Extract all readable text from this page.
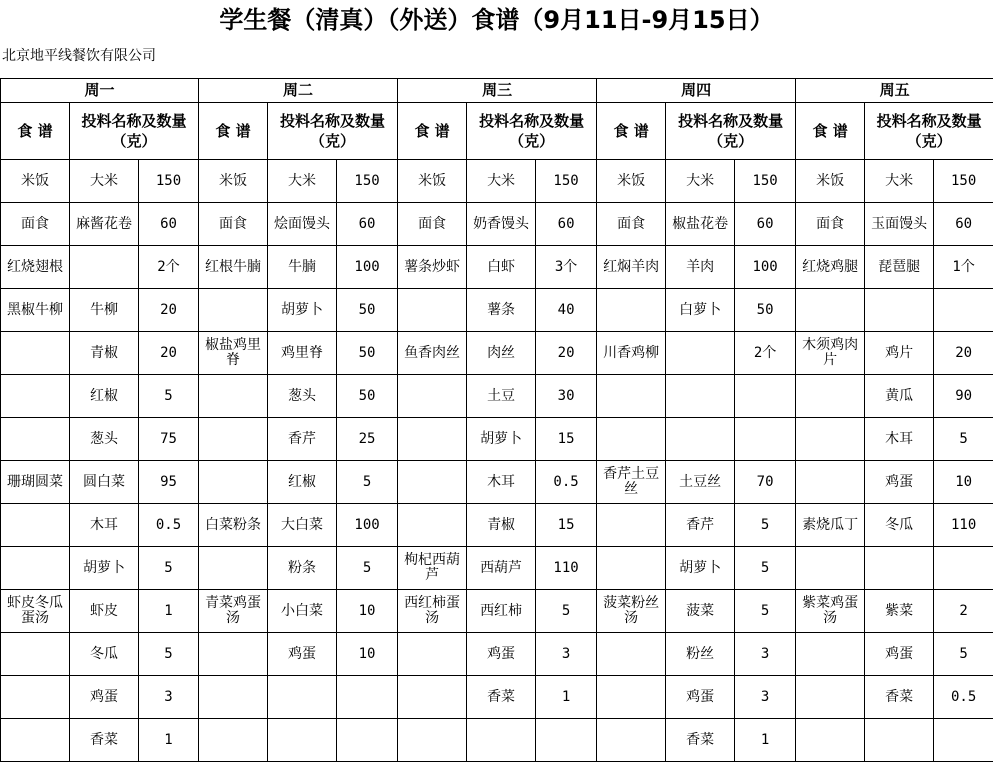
学生餐（清真）（外送）食谱（9月11日-9月15日）
北京地平线餐饮有限公司
周一			周二			周三			周四			周五		
食 谱	投料名称及数量（克）		食 谱	投料名称及数量（克）		食 谱	投料名称及数量（克）		食 谱	投料名称及数量（克）		食 谱	投料名称及数量（克）	
米饭	大米	150	米饭	大米	150	米饭	大米	150	米饭	大米	150	米饭	大米	150
面食	麻酱花卷	60	面食	烩面馒头	60	面食	奶香馒头	60	面食	椒盐花卷	60	面食	玉面馒头	60
红烧翅根		2个	红根牛腩	牛腩	100	薯条炒虾	白虾	3个	红焖羊肉	羊肉	100	红烧鸡腿	琵琶腿	1个
黑椒牛柳	牛柳	20		胡萝卜	50		薯条	40		白萝卜	50			
	青椒	20	椒盐鸡里脊	鸡里脊	50	鱼香肉丝	肉丝	20	川香鸡柳		2个	木须鸡肉片	鸡片	20
	红椒	5		葱头	50		土豆	30					黄瓜	90
	葱头	75		香芹	25		胡萝卜	15					木耳	5
珊瑚圆菜	圆白菜	95		红椒	5		木耳	0.5	香芹土豆丝	土豆丝	70		鸡蛋	10
	木耳	0.5	白菜粉条	大白菜	100		青椒	15		香芹	5	素烧瓜丁	冬瓜	110
	胡萝卜	5		粉条	5	枸杞西葫芦	西葫芦	110		胡萝卜	5			
虾皮冬瓜蛋汤	虾皮	1	青菜鸡蛋汤	小白菜	10	西红柿蛋汤	西红柿	5	菠菜粉丝汤	菠菜	5	紫菜鸡蛋汤	紫菜	2
	冬瓜	5		鸡蛋	10		鸡蛋	3		粉丝	3		鸡蛋	5
	鸡蛋	3					香菜	1		鸡蛋	3		香菜	0.5
	香菜	1								香菜	1			
